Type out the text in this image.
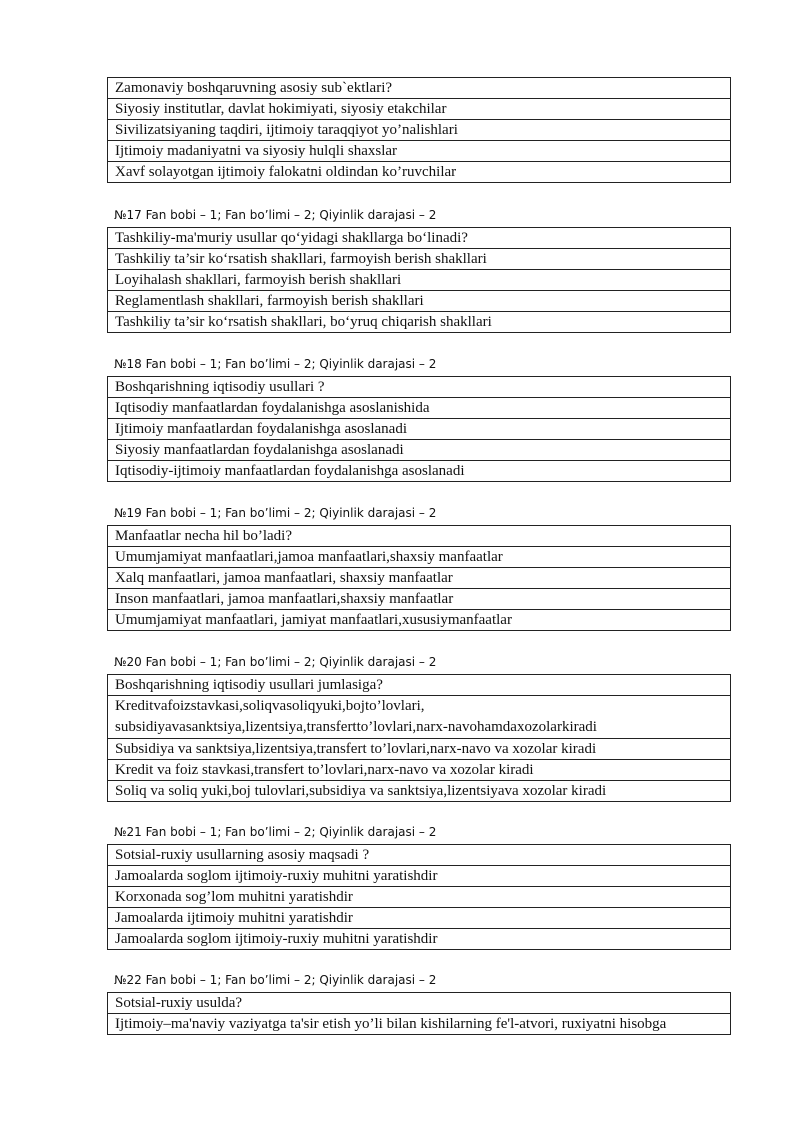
Zamonaviy boshqaruvning asosiy sub`ektlari?
Siyosiy institutlar, davlat hokimiyati, siyosiy etakchilar
Sivilizatsiyaning taqdiri, ijtimoiy taraqqiyot yo’nalishlari
Ijtimoiy madaniyatni va siyosiy hulqli shaxslar
Xavf solayotgan ijtimoiy falokatni oldindan ko’ruvchilar
№17 Fan bobi – 1; Fan bo’limi – 2; Qiyinlik darajasi – 2
Tashkiliy-ma'muriy usullar qo‘yidagi shakllarga bo‘linadi?
Tashkiliy ta’sir ko‘rsatish shakllari, farmoyish berish shakllari
Loyihalash shakllari, farmoyish berish shakllari
Reglamentlash shakllari, farmoyish berish shakllari
Tashkiliy ta’sir ko‘rsatish shakllari, bo‘yruq chiqarish shakllari
№18 Fan bobi – 1; Fan bo’limi – 2; Qiyinlik darajasi – 2
Boshqarishning iqtisodiy usullari ?
Iqtisodiy manfaatlardan foydalanishga asoslanishida
Ijtimoiy manfaatlardan foydalanishga asoslanadi
Siyosiy manfaatlardan foydalanishga asoslanadi
Iqtisodiy-ijtimoiy manfaatlardan foydalanishga asoslanadi
№19 Fan bobi – 1; Fan bo’limi – 2; Qiyinlik darajasi – 2
Manfaatlar necha hil bo’ladi?
Umumjamiyat manfaatlari,jamoa manfaatlari,shaxsiy manfaatlar
Xalq manfaatlari, jamoa manfaatlari, shaxsiy manfaatlar
Inson manfaatlari, jamoa manfaatlari,shaxsiy manfaatlar
Umumjamiyat manfaatlari, jamiyat manfaatlari,xususiymanfaatlar
№20 Fan bobi – 1; Fan bo’limi – 2; Qiyinlik darajasi – 2
Boshqarishning iqtisodiy usullari jumlasiga?
Kreditvafoizstavkasi,soliqvasoliqyuki,bojto’lovlari, subsidiyavasanktsiya,lizentsiya,transfertto’lovlari,narx-navohamdaxozolarkiradi
Subsidiya va sanktsiya,lizentsiya,transfert to’lovlari,narx-navo va xozolar kiradi
Kredit va foiz stavkasi,transfert to’lovlari,narx-navo va xozolar kiradi
Soliq va soliq yuki,boj tulovlari,subsidiya va sanktsiya,lizentsiyava xozolar kiradi
№21 Fan bobi – 1; Fan bo’limi – 2; Qiyinlik darajasi – 2
Sotsial-ruxiy usullarning asosiy maqsadi ?
Jamoalarda soglom ijtimoiy-ruxiy muhitni yaratishdir
Korxonada sog’lom muhitni yaratishdir
Jamoalarda ijtimoiy muhitni yaratishdir
Jamoalarda soglom ijtimoiy-ruxiy muhitni yaratishdir
№22 Fan bobi – 1; Fan bo’limi – 2; Qiyinlik darajasi – 2
Sotsial-ruxiy usulda?
Ijtimoiy–ma'naviy vaziyatga ta'sir etish yo’li bilan kishilarning fe'l-atvori, ruxiyatni hisobga
